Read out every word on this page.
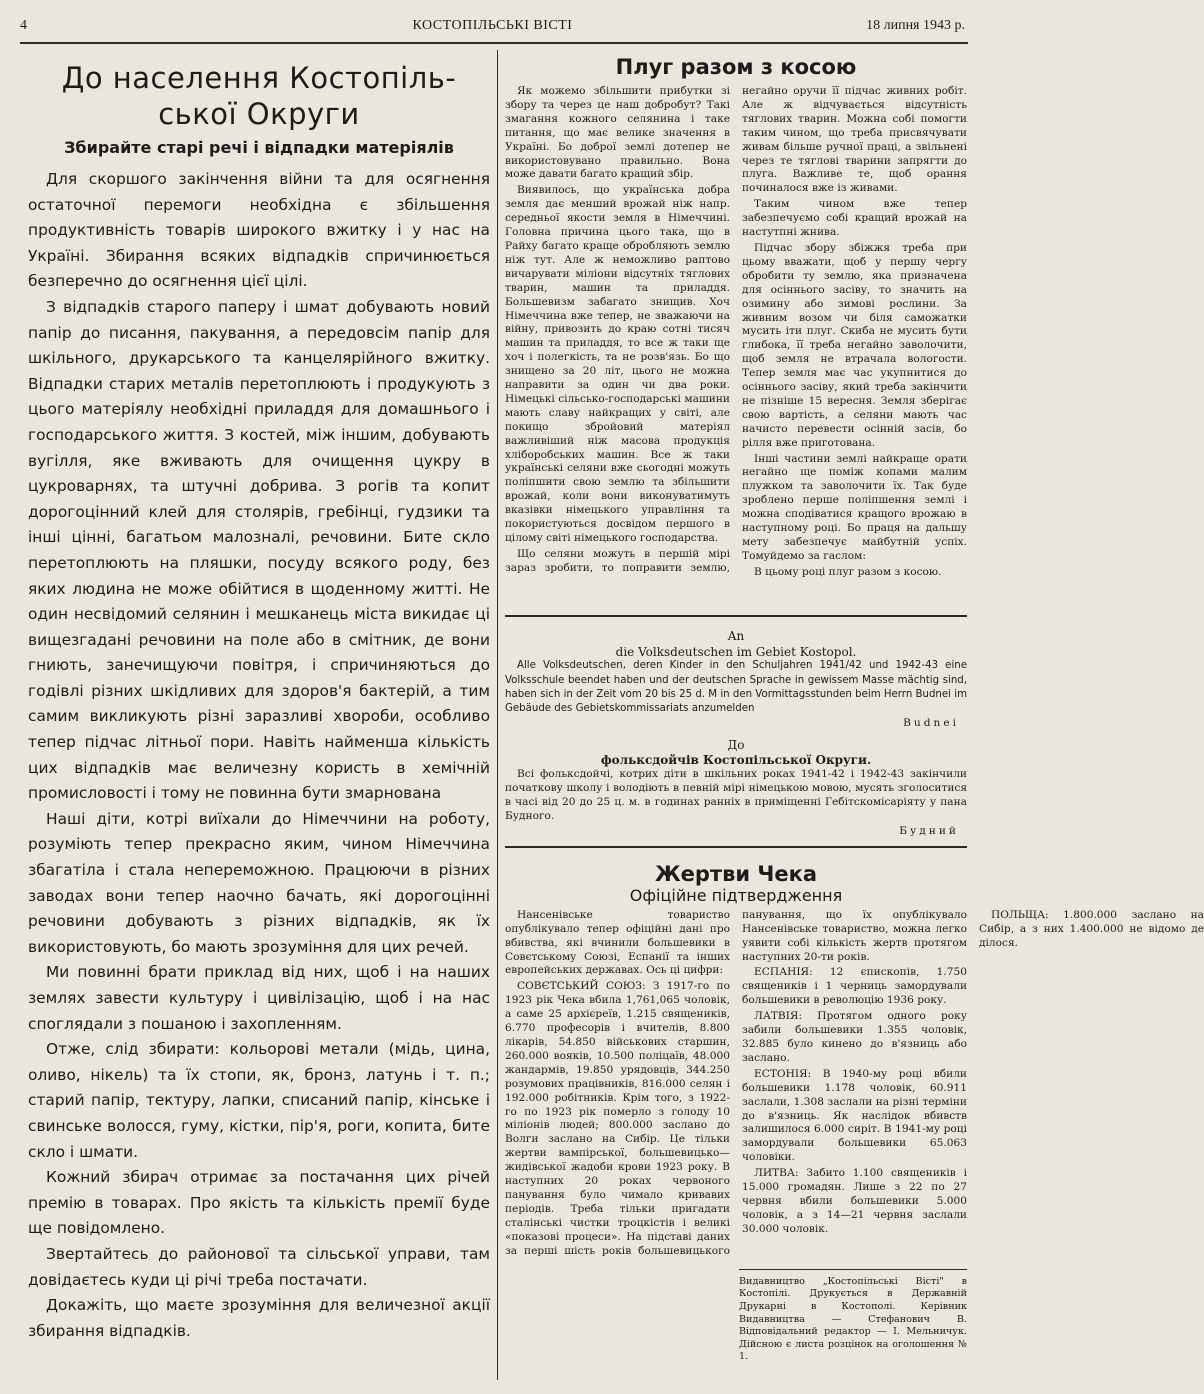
4	КОСТОПІЛЬСЬКІ ВІСТІ	18 липня 1943 р.
До населення Костопіль-ської Округи
Збирайте старі речі і відпадки матеріялів

Для скоршого закінчення війни та для осягнення остаточної перемоги необхідна є збільшення продуктивність товарів широкого вжитку і у нас на Україні. Збирання всяких відпадків спричинюється безперечно до осягнення цієї цілі.

З відпадків старого паперу і шмат добувають новий папір до писання, пакування, а передовсім папір для шкільного, друкарського та канцелярійного вжитку. Відпадки старих металів перетоплюють і продукують з цього матеріялу необхідні приладдя для домашнього і господарського життя. З костей, між іншим, добувають вугілля, яке вживають для очищення цукру в цукроварнях, та штучні добрива. З рогів та копит дорогоцінний клей для столярів, гребінці, гудзики та інші цінні, багатьом малозналі, речовини. Бите скло перетоплюють на пляшки, посуду всякого роду, без яких людина не може обійтися в щоденному житті. Не один несвідомий селянин і мешканець міста викидає ці вищезгадані речовини на поле або в смітник, де вони гниють, занечищуючи повітря, і спричиняються до годівлі різних шкідливих для здоров'я бактерій, а тим самим викликують різні заразливі хвороби, особливо тепер підчас літньої пори. Навіть найменша кількість цих відпадків має величезну користь в хемічній промисловості і тому не повинна бути змарнована

Наші діти, котрі виїхали до Німеччини на роботу, розуміють тепер прекрасно яким, чином Німеччина збагатіла і стала непереможною. Працюючи в різних заводах вони тепер наочно бачать, які дорогоцінні речовини добувають з різних відпадків, як їх використовують, бо мають зрозуміння для цих речей.

Ми повинні брати приклад від них, щоб і на наших землях завести культуру і цивілізацію, щоб і на нас споглядали з пошаною і захопленням.

Отже, слід збирати: кольорові метали (мідь, цина, оливо, нікель) та їх стопи, як, бронз, латунь і т. п.; старий папір, тектуру, лапки, списаний папір, кінське і свинське волосся, гуму, кістки, пір'я, роги, копита, бите скло і шмати.

Кожний збирач отримає за постачання цих річей премію в товарах. Про якість та кількість премії буде ще повідомлено.

Звертайтесь до районової та сільської управи, там довідаєтесь куди ці річі треба постачати.

Докажіть, що маєте зрозуміння для величезної акції збирання відпадків.

Плуг разом з косою

Як можемо збільшити прибутки зі збору та через це наш добробут? Такі змагання кожного селянина і таке питання, що має велике значення в Україні. Бо доброї землі дотепер не використовувано правильно. Вона може давати багато кращий збір.

Виявилось, що українська добра земля дає менший врожай ніж напр. середньої якости земля в Німеччині. Головна причина цього така, що в Райху багато краще обробляють землю ніж тут. Але ж неможливо раптово вичарувати міліони відсутніх тяглових тварин, машин та приладдя. Большевизм забагато знищив. Хоч Німеччина вже тепер, не зважаючи на війну, привозить до краю сотні тисяч машин та приладдя, то все ж таки ще хоч і полегкість, та не розв'язь. Бо що знищено за 20 літ, цього не можна направити за один чи два роки. Німецькі сільсько-господарські машини мають славу найкращих у світі, але покищо збройовий матеріял важливіший ніж масова продукція хліборобських машин. Все ж таки українські селяни вже сьогодні можуть поліпшити свою землю та збільшити врожай, коли вони виконуватимуть вказівки німецького управління та покористуються досвідом першого в цілому світі німецького господарства.

Що селяни можуть в першій мірі зараз зробити, то поправити землю, негайно оручи її підчас живних робіт. Але ж відчувається відсутність тяглових тварин. Можна собі помогти таким чином, що треба присвячувати живам більше ручної праці, а звільнені через те тяглові тварини запрягти до плуга. Важливе те, щоб орання починалося вже із живами.

Таким чином вже тепер забезпечуємо собі кращий врожай на настутпні жнива.

Підчас збору збіжжя треба при цьому вважати, щоб у першу чергу обробити ту землю, яка призначена для осіннього засіву, то значить на озимину або зимові рослини. За живним возом чи біля саможатки мусить іти плуг. Скиба не мусить бути глибока, її треба негайно заволочити, щоб земля не втрачала вологости. Тепер земля має час укупнитися до осіннього засіву, який треба закінчити не пізніше 15 вересня. Земля зберігає свою вартість, а селяни мають час начисто перевести осінній засів, бо рілля вже приготована.

Інші частини землі найкраще орати негайно ще поміж копами малим плужком та заволочити їх. Так буде зроблено перше поліпшення землі і можна сподіватися кращого врожаю в наступному році. Бо праця на дальшу мету забезпечує майбутній успіх. Томуйдемо за гаслом:

В цьому році плуг разом з косою.

An
die Volksdeutschen im Gebiet Kostopol.

Alle Volksdeutschen, deren Kinder in den Schuljahren 1941/42 und 1942-43 eine Volksschule beendet haben und der deutschen Sprache in gewissem Masse mächtig sind, haben sich in der Zeit vom 20 bis 25 d. M in den Vormittagsstunden beim Herrn Budnei im Gebäude des Gebietskommissariats anzumelden

Budnei
До
фолькcдойчів Костопільської Округи.

Всі фолькcдойчі, котрих діти в шкільних роках 1941-42 і 1942-43 закінчили початкову школу і володіють в певній мірі німецькою мовою, мусять зголоситися в часі від 20 до 25 ц. м. в годинах ранніх в приміщенні Гебітскомісаріяту у пана Будного.

Будний
Жертви Чека
Офіційне підтвердження

Нансенівське товариство опублікувало тепер офіційні дані про вбивства, які вчинили большевики в Совєтському Союзі, Еспанії та інших европейських державах. Ось ці цифри:

СОВЄТСЬКИЙ СОЮЗ: З 1917-го по 1923 рік Чека вбила 1,761,065 чоловік, а саме 25 архієреїв, 1.215 священиків, 6.770 професорів і вчителів, 8.800 лікарів, 54.850 військових старшин, 260.000 вояків, 10.500 поліцаїв, 48.000 жандармів, 19.850 урядовців, 344.250 розумових працівників, 816.000 селян і 192.000 робітників. Крім того, з 1922-го по 1923 рік померло з голоду 10 міліонів людей; 800.000 заслано до Волги заслано на Сибір. Це тільки жертви вампірської, большевицько—жидівської жадоби крови 1923 року. В наступних 20 роках червоного панування було чимало кривавих періодів. Треба тільки пригадати сталінські чистки троцкістів і великі «показові процеси». На підставі даних за перші шість років большевицького панування, що їх опублікувало Нансенівське товариство, можна легко уявити собі кількість жертв протягом наступних 20-ти років.

ЕСПАНІЯ: 12 єпископів, 1.750 священиків і 1 черниць замордували большевики в революцію 1936 року.

ЛАТВІЯ: Протягом одного року забили большевики 1.355 чоловік, 32.885 було кинено до в'язниць або заслано.

ЕСТОНІЯ: В 1940-му році вбили большевики 1.178 чоловік, 60.911 заслали, 1.308 заслали на різні терміни до в'язниць. Як наслідок вбивств залишилося 6.000 сиріт. В 1941-му році замордували большевики 65.063 чоловіки.

ЛИТВА: Забито 1.100 священиків і 15.000 громадян. Лише з 22 по 27 червня вбили большевики 5.000 чоловік, а з 14—21 червня заслали 30.000 чоловік.

ПОЛЬЩА: 1.800.000 заслано на Сибір, а з них 1.400.000 не відомо де ділося.

Видавництво „Костопільські Вісті" в Костопілі. Друкується в Державній Друкарні в Костополі. Керівник Видавництва — Стефанович В. Відповідальний редактор — І. Мельничук. Дійсною є листа розцінок на оголошення № 1.
